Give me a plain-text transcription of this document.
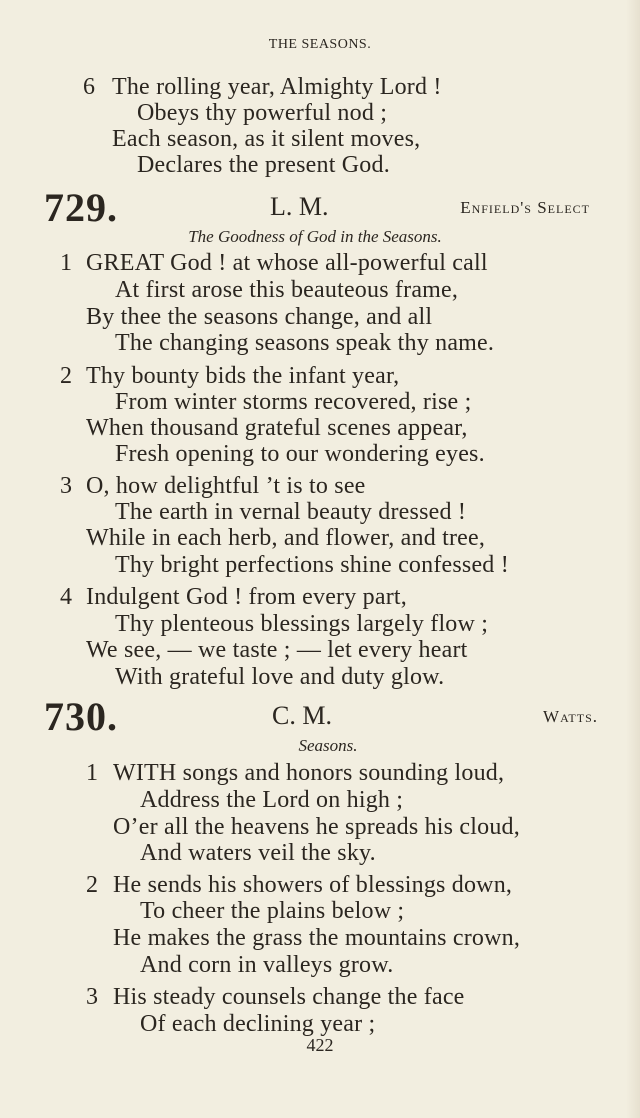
THE SEASONS.
729.	L. M.	Enfield's Select
The Goodness of God in the Seasons.
730.	C. M.	Watts.
Seasons.
422
6 The rolling year, Almighty Lord !
Obeys thy powerful nod ;
Each season, as it silent moves,
Declares the present God.
1 GREAT God ! at whose all-powerful call
At first arose this beauteous frame,
By thee the seasons change, and all
The changing seasons speak thy name.
2 Thy bounty bids the infant year,
From winter storms recovered, rise ;
When thousand grateful scenes appear,
Fresh opening to our wondering eyes.
3 O, how delightful ’t is to see
The earth in vernal beauty dressed !
While in each herb, and flower, and tree,
Thy bright perfections shine confessed !
4 Indulgent God ! from every part,
Thy plenteous blessings largely flow ;
We see, — we taste ; — let every heart
With grateful love and duty glow.
1 WITH songs and honors sounding loud,
Address the Lord on high ;
O’er all the heavens he spreads his cloud,
And waters veil the sky.
2 He sends his showers of blessings down,
To cheer the plains below ;
He makes the grass the mountains crown,
And corn in valleys grow.
3 His steady counsels change the face
Of each declining year ;
